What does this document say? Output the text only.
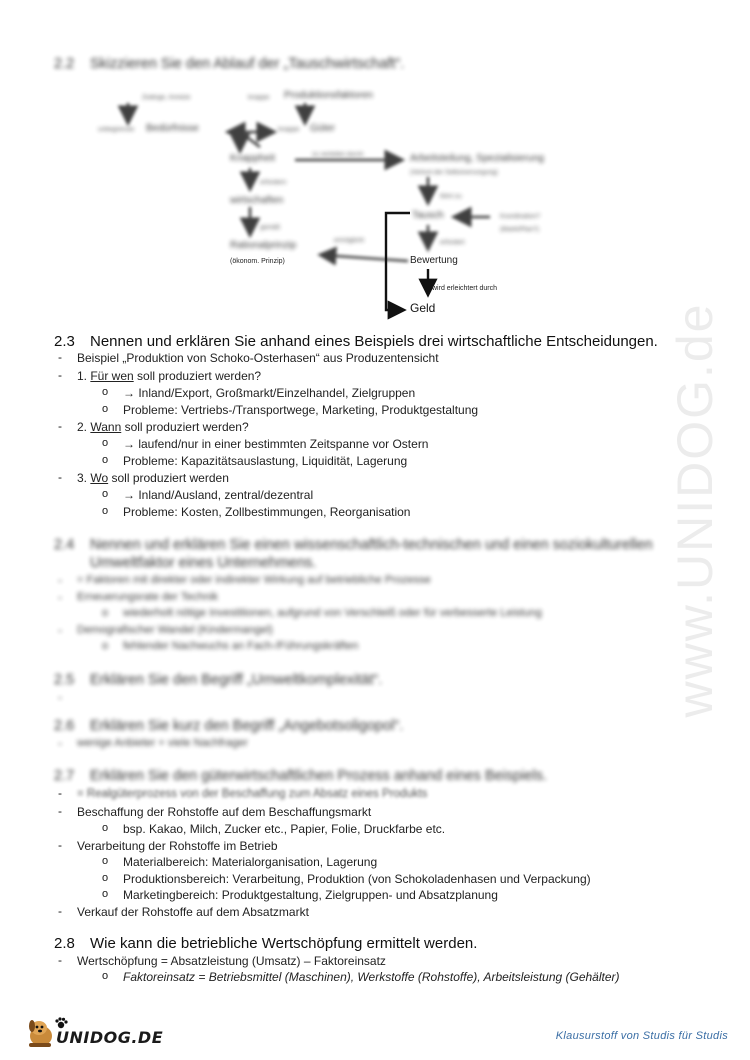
www.UNIDOG.de
2.2 Skizzieren Sie den Ablauf der „Tauschwirtschaft“.
Zwänge, Anreize	knappe Produktionsfaktoren
unbegrenzte Bedürfnisse	knappe Güter
Knappheit	zu verteilen durch	Arbeitsteilung, Spezialisierung
(Verlust der Selbstversorgung)
erfordern
wirtschaften
gemäß
Rationalprinzip	ermöglicht
Tausch
führt zu
Koordination?
(Markt/Plan?)
erfordert
(ökonom. Prinzip)	Bewertung
wird erleichtert durch
Geld
2.3 Nennen und erklären Sie anhand eines Beispiels drei wirtschaftliche Entscheidungen.
- Beispiel „Produktion von Schoko-Osterhasen“ aus Produzentensicht
- 1. Für wen soll produziert werden?
o → Inland/Export, Großmarkt/Einzelhandel, Zielgruppen
o Probleme: Vertriebs-/Transportwege, Marketing, Produktgestaltung
- 2. Wann soll produziert werden?
o → laufend/nur in einer bestimmten Zeitspanne vor Ostern
o Probleme: Kapazitätsauslastung, Liquidität, Lagerung
- 3. Wo soll produziert werden
o → Inland/Ausland, zentral/dezentral
o Probleme: Kosten, Zollbestimmungen, Reorganisation
2.4 Nennen und erklären Sie einen wissenschaftlich-technischen und einen soziokulturellen
Umweltfaktor eines Unternehmens.
- = Faktoren mit direkter oder indirekter Wirkung auf betriebliche Prozesse
- Erneuerungsrate der Technik
o wiederholt nötige Investitionen, aufgrund von Verschleiß oder für verbesserte Leistung
- Demografischer Wandel (Kindermangel)
o fehlender Nachwuchs an Fach-/Führungskräften
2.5 Erklären Sie den Begriff „Umweltkomplexität“.
-
2.6 Erklären Sie kurz den Begriff „Angebotsoligopol“.
- wenige Anbieter + viele Nachfrager
2.7 Erklären Sie den güterwirtschaftlichen Prozess anhand eines Beispiels.
- = Realgüterprozess von der Beschaffung zum Absatz eines Produkts
- Beschaffung der Rohstoffe auf dem Beschaffungsmarkt
o bsp. Kakao, Milch, Zucker etc., Papier, Folie, Druckfarbe etc.
- Verarbeitung der Rohstoffe im Betrieb
o Materialbereich: Materialorganisation, Lagerung
o Produktionsbereich: Verarbeitung, Produktion (von Schokoladenhasen und Verpackung)
o Marketingbereich: Produktgestaltung, Zielgruppen- und Absatzplanung
- Verkauf der Rohstoffe auf dem Absatzmarkt
2.8 Wie kann die betriebliche Wertschöpfung ermittelt werden.
- Wertschöpfung = Absatzleistung (Umsatz) – Faktoreinsatz
o Faktoreinsatz = Betriebsmittel (Maschinen), Werkstoffe (Rohstoffe), Arbeitsleistung (Gehälter)
UNIDOG.DE	Klausurstoff von Studis für Studis
